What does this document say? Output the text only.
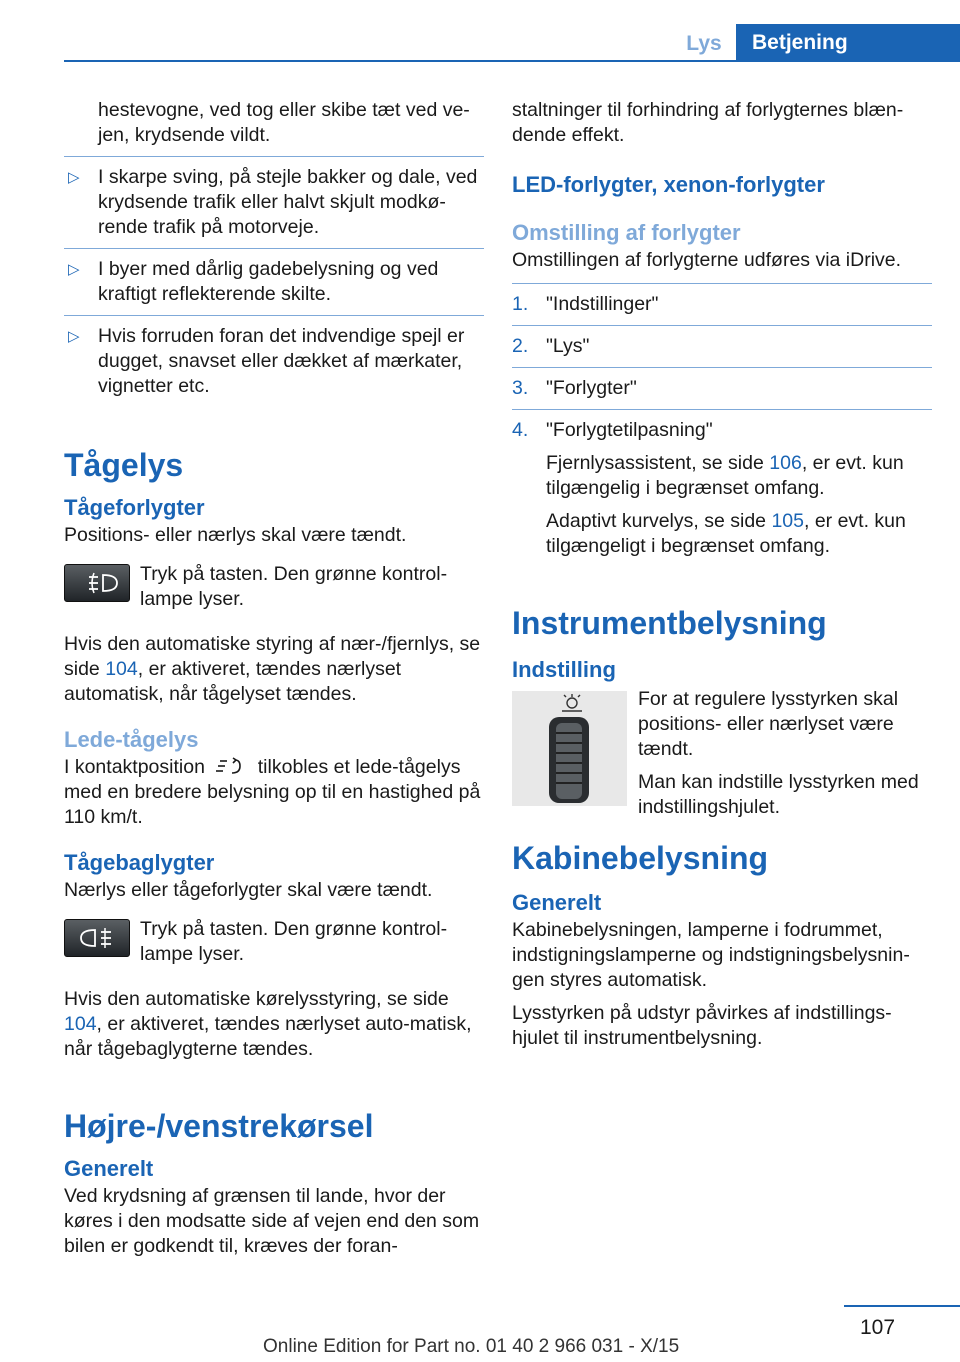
Lys	Betjening

hestevogne, ved tog eller skibe tæt ved ve-jen, krydsende vildt.

▷ I skarpe sving, på stejle bakker og dale, ved krydsende trafik eller halvt skjult modkø-rende trafik på motorveje.
▷ I byer med dårlig gadebelysning og ved kraftigt reflekterende skilte.
▷ Hvis forruden foran det indvendige spejl er dugget, snavset eller dækket af mærkater, vignetter etc.
Tågelys
Tågeforlygter

Positions- eller nærlys skal være tændt.

Tryk på tasten. Den grønne kontrol-lampe lyser.

Hvis den automatiske styring af nær-/fjernlys, se side 104, er aktiveret, tændes nærlyset automatisk, når tågelyset tændes.

Lede-tågelys

I kontaktposition	tilkobles et lede-tågelys med en bredere belysning op til en hastighed på 110 km/t.

Tågebaglygter

Nærlys eller tågeforlygter skal være tændt.

Tryk på tasten. Den grønne kontrol-lampe lyser.

Hvis den automatiske kørelysstyring, se side 104, er aktiveret, tændes nærlyset auto-matisk, når tågebaglygterne tændes.

Højre-/venstrekørsel
Generelt

Ved krydsning af grænsen til lande, hvor der køres i den modsatte side af vejen end den som bilen er godkendt til, kræves der foran-

staltninger til forhindring af forlygternes blæn-dende effekt.

LED-forlygter, xenon-forlygter
Omstilling af forlygter

Omstillingen af forlygterne udføres via iDrive.

1. "Indstillinger"
2. "Lys"
3. "Forlygter"
4. "Forlygtetilpasning"

Fjernlysassistent, se side 106, er evt. kun tilgængelig i begrænset omfang.

Adaptivt kurvelys, se side 105, er evt. kun tilgængeligt i begrænset omfang.

Instrumentbelysning
Indstilling

For at regulere lysstyrken skal positions- eller nærlyset være tændt.

Man kan indstille lysstyrken med indstillingshjulet.

Kabinebelysning
Generelt

Kabinebelysningen, lamperne i fodrummet, indstigningslamperne og indstigningsbelysnin-gen styres automatisk.

Lysstyrken på udstyr påvirkes af indstillings-hjulet til instrumentbelysning.

107
Online Edition for Part no. 01 40 2 966 031 - X/15
